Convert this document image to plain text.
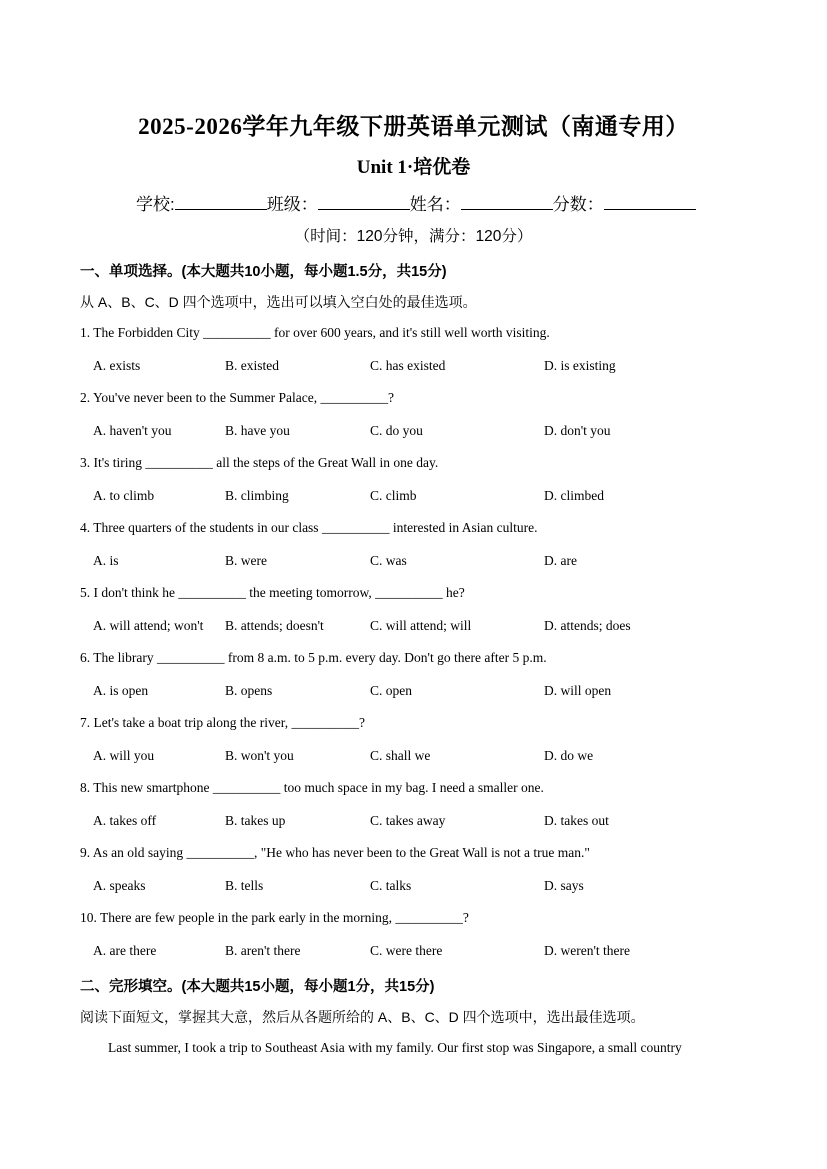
2025-2026学年九年级下册英语单元测试（南通专用）
Unit 1·培优卷
学校:	班级：	姓名：	分数：
（时间：120分钟，满分：120分）
一、单项选择。(本大题共10小题，每小题1.5分，共15分)
从 A、B、C、D 四个选项中，选出可以填入空白处的最佳选项。
1. The Forbidden City __________ for over 600 years, and it's still well worth visiting.
A. exists	B. existed	C. has existed	D. is existing
2. You've never been to the Summer Palace, __________?
A. haven't you	B. have you	C. do you	D. don't you
3. It's tiring __________ all the steps of the Great Wall in one day.
A. to climb	B. climbing	C. climb	D. climbed
4. Three quarters of the students in our class __________ interested in Asian culture.
A. is	B. were	C. was	D. are
5. I don't think he __________ the meeting tomorrow, __________ he?
A. will attend; won't B. attends; doesn't	C. will attend; will	D. attends; does
6. The library __________ from 8 a.m. to 5 p.m. every day. Don't go there after 5 p.m.
A. is open	B. opens	C. open	D. will open
7. Let's take a boat trip along the river, __________?
A. will you	B. won't you	C. shall we	D. do we
8. This new smartphone __________ too much space in my bag. I need a smaller one.
A. takes off	B. takes up	C. takes away	D. takes out
9. As an old saying __________, "He who has never been to the Great Wall is not a true man."
A. speaks	B. tells	C. talks	D. says
10. There are few people in the park early in the morning, __________?
A. are there	B. aren't there	C. were there	D. weren't there
二、完形填空。(本大题共15小题，每小题1分，共15分)
阅读下面短文，掌握其大意，然后从各题所给的 A、B、C、D 四个选项中，选出最佳选项。
Last summer, I took a trip to Southeast Asia with my family. Our first stop was Singapore, a small country
